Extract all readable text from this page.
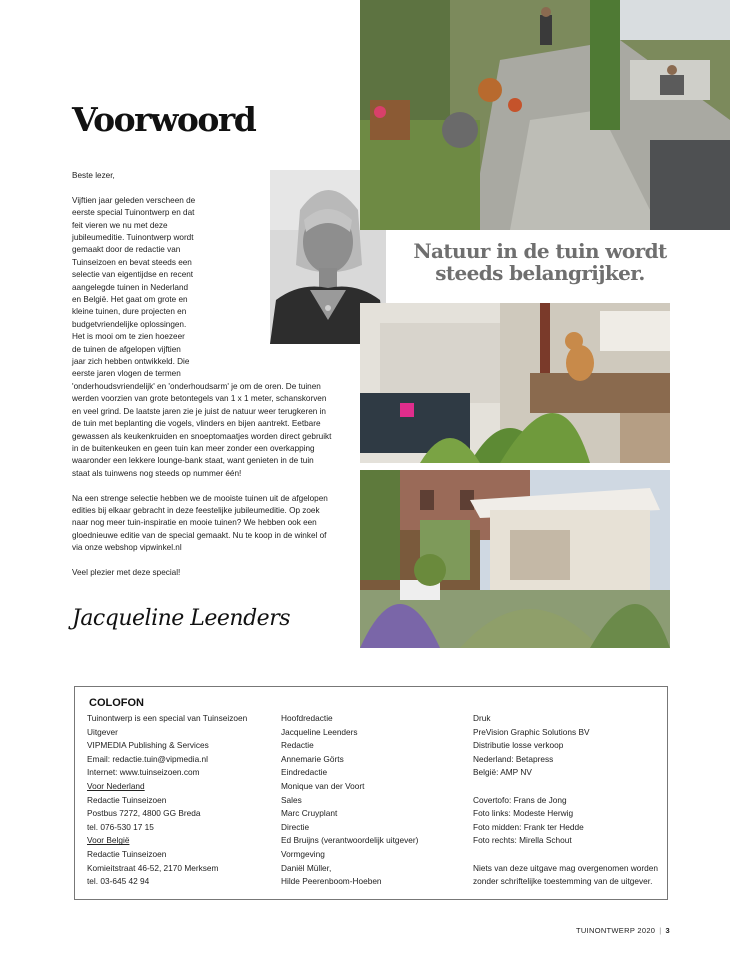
Voorwoord

Beste lezer,

Vijftien jaar geleden verscheen de eerste special Tuinontwerp en dat feit vieren we nu met deze jubileumeditie. Tuinontwerp wordt gemaakt door de redactie van Tuinseizoen en bevat steeds een selectie van eigentijdse en recent aangelegde tuinen in Nederland en België. Het gaat om grote en kleine tuinen, dure projecten en budgetvriendelijke oplossingen. Het is mooi om te zien hoezeer de tuinen de afgelopen vijftien jaar zich hebben ontwikkeld. Die eerste jaren vlogen de termen 'onderhoudsvriendelijk' en 'onderhoudsarm' je om de oren. De tuinen werden voorzien van grote betontegels van 1 x 1 meter, schanskorven en veel grind. De laatste jaren zie je juist de natuur weer terugkeren in de tuin met beplanting die vogels, vlinders en bijen aantrekt. Eetbare gewassen als keukenkruiden en snoeptomaatjes worden direct gebruikt in de buitenkeuken en geen tuin kan meer zonder een overkapping waaronder een lekkere lounge-bank staat, want genieten in de tuin staat als tuinwens nog steeds op nummer één!

Na een strenge selectie hebben we de mooiste tuinen uit de afgelopen edities bij elkaar gebracht in deze feestelijke jubileumeditie. Op zoek naar nog meer tuin-inspiratie en mooie tuinen? We hebben ook een gloednieuwe editie van de special gemaakt. Nu te koop in de winkel of via onze webshop vipwinkel.nl

Veel plezier met deze special!

Jacqueline Leenders
Natuur in de tuin wordt steeds belangrijker.
COLOFON
Tuinontwerp is een special van Tuinseizoen
Uitgever
VIPMEDIA Publishing & Services
Email: redactie.tuin@vipmedia.nl
Internet: www.tuinseizoen.com
Voor Nederland
Redactie Tuinseizoen
Postbus 7272, 4800 GG Breda
tel. 076-530 17 15
Voor België
Redactie Tuinseizoen
Komieitstraat 46-52, 2170 Merksem
tel. 03-645 42 94
Hoofdredactie
Jacqueline Leenders
Redactie
Annemarie Görts
Eindredactie
Monique van der Voort
Sales
Marc Cruyplant
Directie
Ed Bruijns (verantwoordelijk uitgever)
Vormgeving
Daniël Müller,
Hilde Peerenboom-Hoeben
Druk
PreVision Graphic Solutions BV
Distributie losse verkoop
Nederland: Betapress
België: AMP NV
Covertofo: Frans de Jong
Foto links: Modeste Herwig
Foto midden: Frank ter Hedde
Foto rechts: Mirella Schout
Niets van deze uitgave mag overgenomen worden
zonder schriftelijke toestemming van de uitgever.
TUINONTWERP 2020 | 3
